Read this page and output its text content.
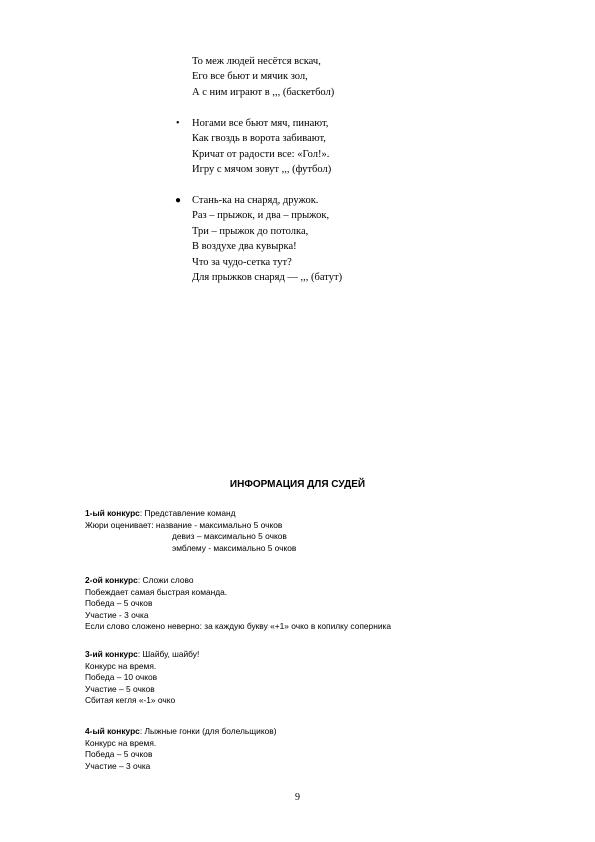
То меж людей несётся вскач,
Его все бьют и мячик зол,
А с ним играют в ,,, (баскетбол)
• Ногами все бьют мяч, пинают,
Как гвоздь в ворота забивают,
Кричат от радости все: «Гол!».
Игру с мячом зовут ,,, (футбол)
● Стань-ка на снаряд, дружок.
Раз – прыжок, и два – прыжок,
Три – прыжок до потолка,
В воздухе два кувырка!
Что за чудо-сетка тут?
Для прыжков снаряд — ,,, (батут)
ИНФОРМАЦИЯ ДЛЯ СУДЕЙ
1-ый конкурс: Представление команд
Жюри оценивает: название - максимально 5 очков
девиз – максимально 5 очков
эмблему - максимально 5 очков
2-ой конкурс: Сложи слово
Побеждает самая быстрая команда.
Победа – 5 очков
Участие - 3 очка
Если слово сложено неверно: за каждую букву «+1» очко в копилку соперника
3-ий конкурс: Шайбу, шайбу!
Конкурс на время.
Победа – 10 очков
Участие – 5 очков
Сбитая кегля «-1» очко
4-ый конкурс: Лыжные гонки (для болельщиков)
Конкурс на время.
Победа – 5 очков
Участие – 3 очка
9
